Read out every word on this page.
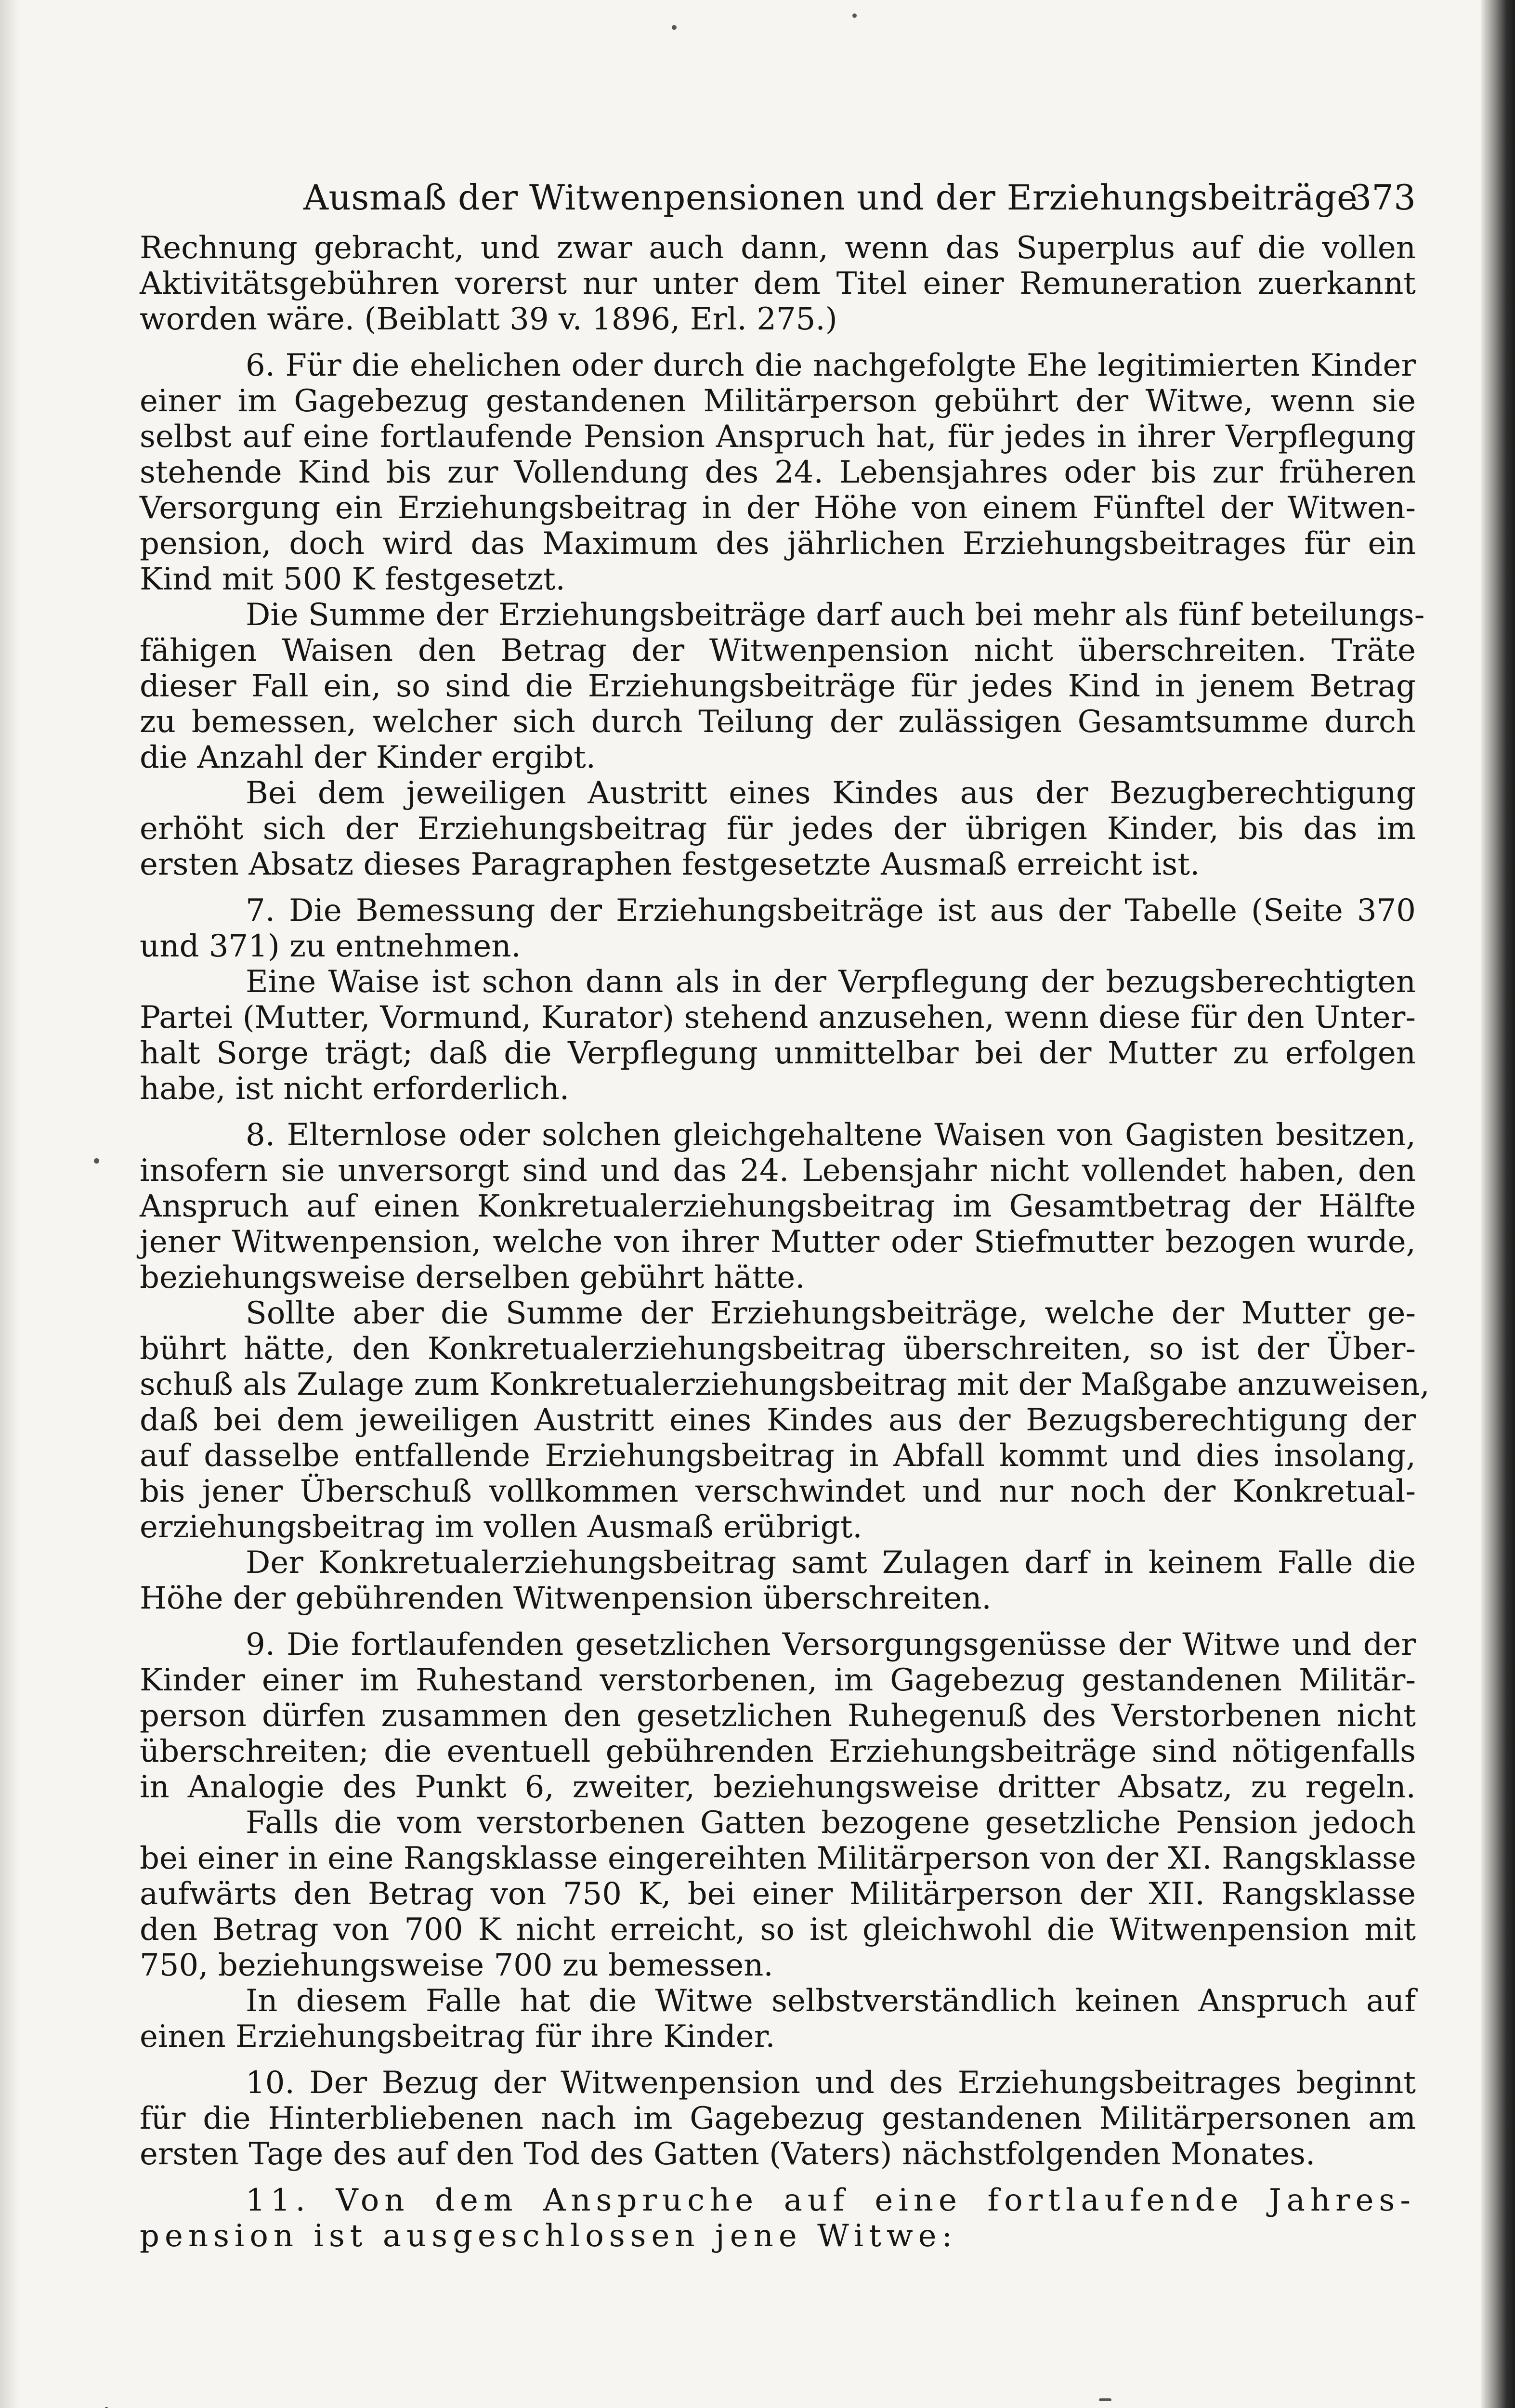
Ausmaß der Witwenpensionen und der Erziehungsbeiträge
373
Rechnung gebracht, und zwar auch dann, wenn das Superplus auf die vollen
Aktivitätsgebühren vorerst nur unter dem Titel einer Remuneration zuerkannt
worden wäre. (Beiblatt 39 v. 1896, Erl. 275.)
6. Für die ehelichen oder durch die nachgefolgte Ehe legitimierten Kinder
einer im Gagebezug gestandenen Militärperson gebührt der Witwe, wenn sie
selbst auf eine fortlaufende Pension Anspruch hat, für jedes in ihrer Verpflegung
stehende Kind bis zur Vollendung des 24. Lebensjahres oder bis zur früheren
Versorgung ein Erziehungsbeitrag in der Höhe von einem Fünftel der Witwen-
pension, doch wird das Maximum des jährlichen Erziehungsbeitrages für ein
Kind mit 500 K festgesetzt.
Die Summe der Erziehungsbeiträge darf auch bei mehr als fünf beteilungs-
fähigen Waisen den Betrag der Witwenpension nicht überschreiten. Träte
dieser Fall ein, so sind die Erziehungsbeiträge für jedes Kind in jenem Betrag
zu bemessen, welcher sich durch Teilung der zulässigen Gesamtsumme durch
die Anzahl der Kinder ergibt.
Bei dem jeweiligen Austritt eines Kindes aus der Bezugberechtigung
erhöht sich der Erziehungsbeitrag für jedes der übrigen Kinder, bis das im
ersten Absatz dieses Paragraphen festgesetzte Ausmaß erreicht ist.
7. Die Bemessung der Erziehungsbeiträge ist aus der Tabelle (Seite 370
und 371) zu entnehmen.
Eine Waise ist schon dann als in der Verpflegung der bezugsberechtigten
Partei (Mutter, Vormund, Kurator) stehend anzusehen, wenn diese für den Unter-
halt Sorge trägt; daß die Verpflegung unmittelbar bei der Mutter zu erfolgen
habe, ist nicht erforderlich.
8. Elternlose oder solchen gleichgehaltene Waisen von Gagisten besitzen,
insofern sie unversorgt sind und das 24. Lebensjahr nicht vollendet haben, den
Anspruch auf einen Konkretualerziehungsbeitrag im Gesamtbetrag der Hälfte
jener Witwenpension, welche von ihrer Mutter oder Stiefmutter bezogen wurde,
beziehungsweise derselben gebührt hätte.
Sollte aber die Summe der Erziehungsbeiträge, welche der Mutter ge-
bührt hätte, den Konkretualerziehungsbeitrag überschreiten, so ist der Über-
schuß als Zulage zum Konkretualerziehungsbeitrag mit der Maßgabe anzuweisen,
daß bei dem jeweiligen Austritt eines Kindes aus der Bezugsberechtigung der
auf dasselbe entfallende Erziehungsbeitrag in Abfall kommt und dies insolang,
bis jener Überschuß vollkommen verschwindet und nur noch der Konkretual-
erziehungsbeitrag im vollen Ausmaß erübrigt.
Der Konkretualerziehungsbeitrag samt Zulagen darf in keinem Falle die
Höhe der gebührenden Witwenpension überschreiten.
9. Die fortlaufenden gesetzlichen Versorgungsgenüsse der Witwe und der
Kinder einer im Ruhestand verstorbenen, im Gagebezug gestandenen Militär-
person dürfen zusammen den gesetzlichen Ruhegenuß des Verstorbenen nicht
überschreiten; die eventuell gebührenden Erziehungsbeiträge sind nötigenfalls
in Analogie des Punkt 6, zweiter, beziehungsweise dritter Absatz, zu regeln.
Falls die vom verstorbenen Gatten bezogene gesetzliche Pension jedoch
bei einer in eine Rangsklasse eingereihten Militärperson von der XI. Rangsklasse
aufwärts den Betrag von 750 K, bei einer Militärperson der XII. Rangsklasse
den Betrag von 700 K nicht erreicht, so ist gleichwohl die Witwenpension mit
750, beziehungsweise 700 zu bemessen.
In diesem Falle hat die Witwe selbstverständlich keinen Anspruch auf
einen Erziehungsbeitrag für ihre Kinder.
10. Der Bezug der Witwenpension und des Erziehungsbeitrages beginnt
für die Hinterbliebenen nach im Gagebezug gestandenen Militärpersonen am
ersten Tage des auf den Tod des Gatten (Vaters) nächstfolgenden Monates.
11. Von dem Anspruche auf eine fortlaufende Jahres-
pension ist ausgeschlossen jene Witwe:
